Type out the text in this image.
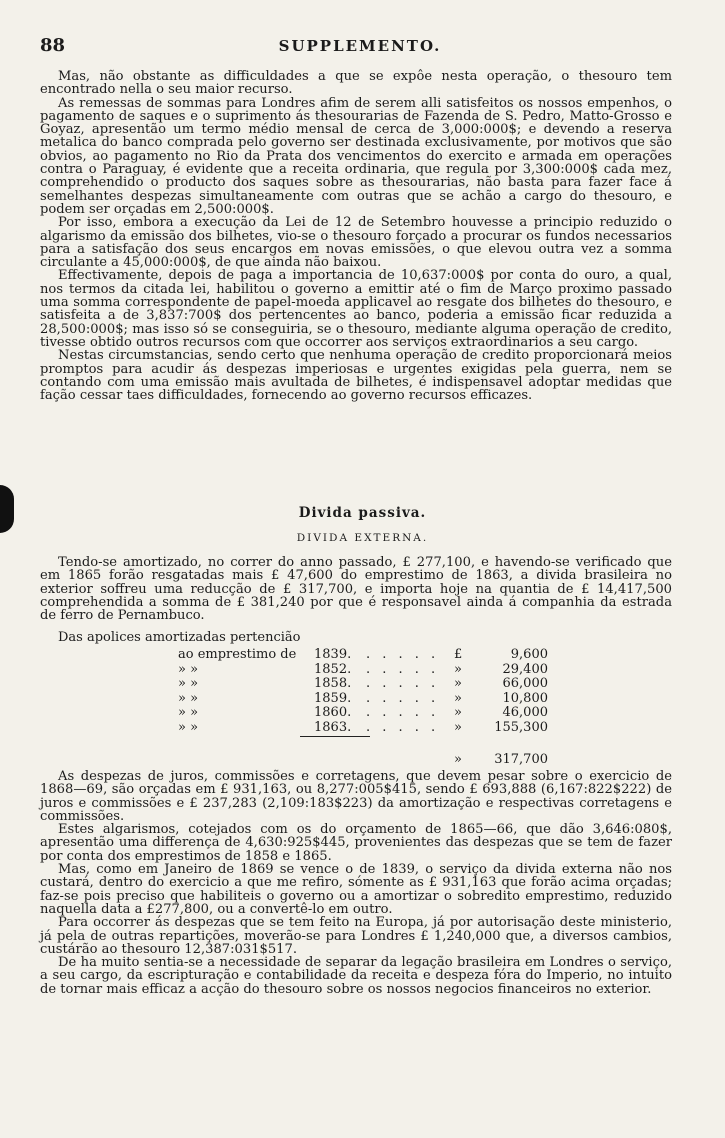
88	SUPPLEMENTO.

Mas, não obstante as difficuldades a que se expôe nesta operação, o thesouro tem encontrado nella o seu maior recurso.

As remessas de sommas para Londres afim de serem alli satisfeitos os nossos empenhos, o pagamento de saques e o suprimento ás thesourarias de Fazenda de S. Pedro, Matto-Grosso e Goyaz, apresentão um termo médio mensal de cerca de 3,000:000$; e devendo a reserva metalica do banco comprada pelo governo ser destinada exclusivamente, por motivos que são obvios, ao pagamento no Rio da Prata dos vencimentos do exercito e armada em operações contra o Paraguay, é evidente que a receita ordinaria, que regula por 3,300:000$ cada mez, comprehendido o producto dos saques sobre as thesourarias, não basta para fazer face á semelhantes despezas simultaneamente com outras que se achão a cargo do thesouro, e podem ser orçadas em 2,500:000$.

Por isso, embora a execução da Lei de 12 de Setembro houvesse a principio reduzido o algarismo da emissão dos bilhetes, vio-se o thesouro forçado a procurar os fundos necessarios para a satisfação dos seus encargos em novas emissões, o que elevou outra vez a somma circulante a 45,000:000$, de que ainda não baixou.

Effectivamente, depois de paga a importancia de 10,637:000$ por conta do ouro, a qual, nos termos da citada lei, habilitou o governo a emittir até o fim de Março proximo passado uma somma correspondente de papel-moeda applicavel ao resgate dos bilhetes do thesouro, e satisfeita a de 3,837:700$ dos pertencentes ao banco, poderia a emissão ficar reduzida a 28,500:000$; mas isso só se conseguiria, se o thesouro, mediante alguma operação de credito, tivesse obtido outros recursos com que occorrer aos serviços extraordinarios a seu cargo.

Nestas circumstancias, sendo certo que nenhuma operação de credito proporcionará meios promptos para acudir ás despezas imperiosas e urgentes exigidas pela guerra, nem se contando com uma emissão mais avultada de bilhetes, é indispensavel adoptar medidas que fação cessar taes difficuldades, fornecendo ao governo recursos efficazes.

Divida passiva.
DIVIDA EXTERNA.

Tendo-se amortizado, no correr do anno passado, £ 277,100, e havendo-se verificado que em 1865 forão resgatadas mais £ 47,600 do emprestimo de 1863, a divida brasileira no exterior soffreu uma reducção de £ 317,700, e importa hoje na quantia de £ 14,417,500 comprehendida a somma de £ 381,240 por que é responsavel ainda á companhia da estrada de ferro de Pernambuco.

Das apolices amortizadas pertencião
ao emprestimo de 1839. . . . . . £	9,600
» »	1852. . . . . . »	29,400
» »	1858. . . . . . »	66,000
» »	1859. . . . . . »	10,800
» »	1860. . . . . . »	46,000
» »	1863. . . . . . » 155,300
» 317,700

As despezas de juros, commissões e corretagens, que devem pesar sobre o exercicio de 1868—69, são orçadas em £ 931,163, ou 8,277:005$415, sendo £ 693,888 (6,167:822$222) de juros e commissões e £ 237,283 (2,109:183$223) da amortização e respectivas corretagens e commissões.

Estes algarismos, cotejados com os do orçamento de 1865—66, que dão 3,646:080$, apresentão uma differença de 4,630:925$445, provenientes das despezas que se tem de fazer por conta dos emprestimos de 1858 e 1865.

Mas, como em Janeiro de 1869 se vence o de 1839, o serviço da divida externa não nos custará, dentro do exercicio a que me refiro, sómente as £ 931,163 que forão acima orçadas; faz-se pois preciso que habiliteis o governo ou a amortizar o sobredito emprestimo, reduzido naquella data a £277,800, ou a convertê-lo em outro.

Para occorrer ás despezas que se tem feito na Europa, já por autorisação deste ministerio, já pela de outras repartições, moverão-se para Londres £ 1,240,000 que, a diversos cambios, custárão ao thesouro 12,387:031$517.

De ha muito sentia-se a necessidade de separar da legação brasileira em Londres o serviço, a seu cargo, da escripturação e contabilidade da receita e despeza fóra do Imperio, no intuito de tornar mais efficaz a acção do thesouro sobre os nossos negocios financeiros no exterior.
